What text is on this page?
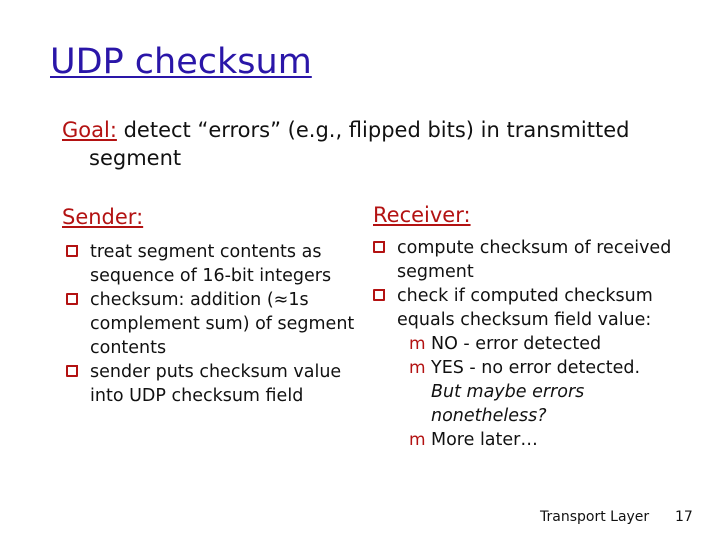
UDP checksum
Goal: detect “errors” (e.g., flipped bits) in transmitted segment
Sender:
treat segment contents as sequence of 16-bit integers
checksum: addition (≈1s complement sum) of segment contents
sender puts checksum value into UDP checksum field
Receiver:
compute checksum of received segment
check if computed checksum equals checksum field value:
m NO - error detected
m YES - no error detected.
But maybe errors nonetheless?
m More later…
Transport Layer 17
